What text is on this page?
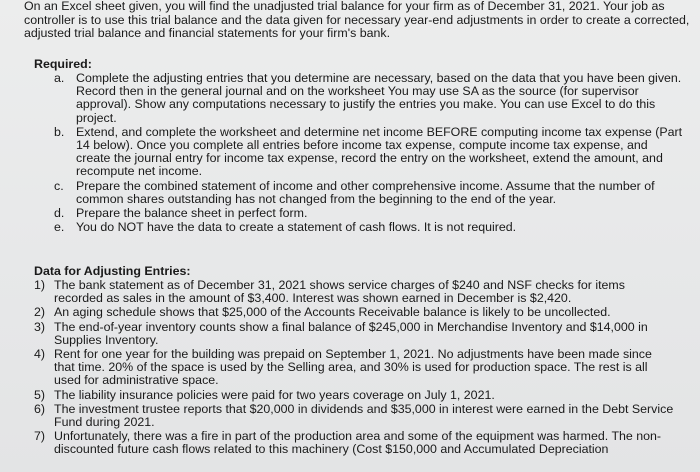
On an Excel sheet given, you will find the unadjusted trial balance for your firm as of December 31, 2021. Your job as controller is to use this trial balance and the data given for necessary year-end adjustments in order to create a corrected, adjusted trial balance and financial statements for your firm's bank.
Required:
a. Complete the adjusting entries that you determine are necessary, based on the data that you have been given. Record then in the general journal and on the worksheet You may use SA as the source (for supervisor approval). Show any computations necessary to justify the entries you make. You can use Excel to do this project.
b. Extend, and complete the worksheet and determine net income BEFORE computing income tax expense (Part 14 below). Once you complete all entries before income tax expense, compute income tax expense, and create the journal entry for income tax expense, record the entry on the worksheet, extend the amount, and recompute net income.
c. Prepare the combined statement of income and other comprehensive income. Assume that the number of common shares outstanding has not changed from the beginning to the end of the year.
d. Prepare the balance sheet in perfect form.
e. You do NOT have the data to create a statement of cash flows. It is not required.
Data for Adjusting Entries:
1) The bank statement as of December 31, 2021 shows service charges of $240 and NSF checks for items recorded as sales in the amount of $3,400. Interest was shown earned in December is $2,420.
2) An aging schedule shows that $25,000 of the Accounts Receivable balance is likely to be uncollected.
3) The end-of-year inventory counts show a final balance of $245,000 in Merchandise Inventory and $14,000 in Supplies Inventory.
4) Rent for one year for the building was prepaid on September 1, 2021. No adjustments have been made since that time. 20% of the space is used by the Selling area, and 30% is used for production space. The rest is all used for administrative space.
5) The liability insurance policies were paid for two years coverage on July 1, 2021.
6) The investment trustee reports that $20,000 in dividends and $35,000 in interest were earned in the Debt Service Fund during 2021.
7) Unfortunately, there was a fire in part of the production area and some of the equipment was harmed. The non-discounted future cash flows related to this machinery (Cost $150,000 and Accumulated Depreciation
